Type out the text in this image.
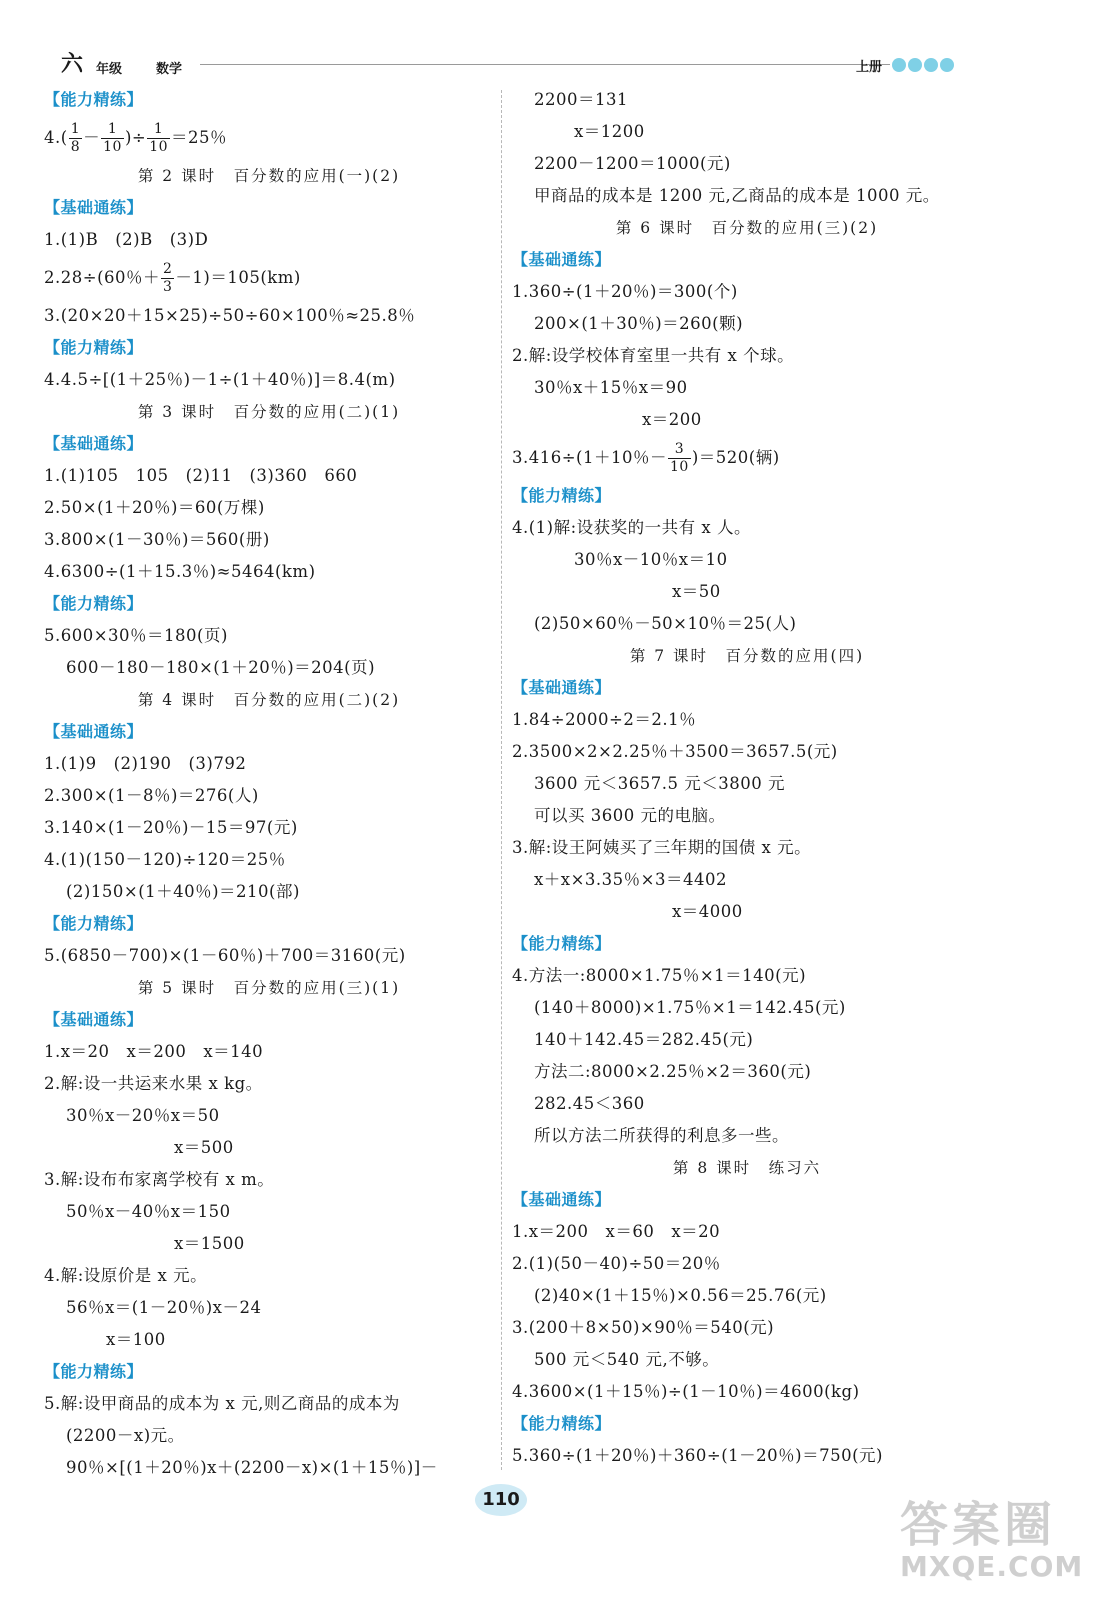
六 年级	数学	上册
【能力精练】
$4.( \frac{1}{8} - \frac{1}{10}$ )÷ $\frac{1}{10} =25$％
第 2 课时　百分数的应用(一)(2)
【基础通练】
1.(1)B　(2)B　(3)D
2.28÷(60％＋ $\frac{2}{3} -1)=105(km)$
3.(20×20＋15×25)÷50÷60×100％≈25.8％
【能力精练】
4.4.5÷[(1＋25％)－1÷(1＋40％)]＝8.4(m)
第 3 课时　百分数的应用(二)(1)
【基础通练】
1.(1)105　105　(2)11　(3)360　660
2.50×(1＋20％)＝60(万棵)
3.800×(1－30％)＝560(册)
4.6300÷(1＋15.3％)≈5464(km)
【能力精练】
5.600×30％＝180(页)
600－180－180×(1＋20％)＝204(页)
第 4 课时　百分数的应用(二)(2)
【基础通练】
1.(1)9　(2)190　(3)792
2.300×(1－8％)＝276(人)
3.140×(1－20％)－15＝97(元)
4.(1)(150－120)÷120＝25％
(2)150×(1＋40％)＝210(部)
【能力精练】
5.(6850－700)×(1－60％)＋700＝3160(元)
第 5 课时　百分数的应用(三)(1)
【基础通练】
1.x＝20　x＝200　x＝140
2.解:设一共运来水果 x kg。
30％x－20％x＝50
x＝500
3.解:设布布家离学校有 x m。
50％x－40％x＝150
x＝1500
4.解:设原价是 x 元。
56％x＝(1－20％)x－24
x＝100
【能力精练】
5.解:设甲商品的成本为 x 元,则乙商品的成本为
(2200－x)元。
90％×[(1＋20％)x＋(2200－x)×(1＋15％)]－
2200＝131
x＝1200
2200－1200＝1000(元)
甲商品的成本是 1200 元,乙商品的成本是 1000 元。
第 6 课时　百分数的应用(三)(2)
【基础通练】
1.360÷(1＋20％)＝300(个)
200×(1＋30％)＝260(颗)
2.解:设学校体育室里一共有 x 个球。
30％x＋15％x＝90
x＝200
3.416÷(1＋10％－ $\frac{3}{10} )=520$(辆)
【能力精练】
4.(1)解:设获奖的一共有 x 人。
30％x－10％x＝10
x＝50
(2)50×60％－50×10％＝25(人)
第 7 课时　百分数的应用(四)
【基础通练】
1.84÷2000÷2＝2.1％
2.3500×2×2.25％＋3500＝3657.5(元)
3600 元＜3657.5 元＜3800 元
可以买 3600 元的电脑。
3.解:设王阿姨买了三年期的国债 x 元。
x＋x×3.35％×3＝4402
x＝4000
【能力精练】
4.方法一:8000×1.75％×1＝140(元)
(140＋8000)×1.75％×1＝142.45(元)
140＋142.45＝282.45(元)
方法二:8000×2.25％×2＝360(元)
282.45＜360
所以方法二所获得的利息多一些。
第 8 课时　练习六
【基础通练】
1.x＝200　x＝60　x＝20
2.(1)(50－40)÷50＝20％
(2)40×(1＋15％)×0.56＝25.76(元)
3.(200＋8×50)×90％＝540(元)
500 元＜540 元,不够。
4.3600×(1＋15％)÷(1－10％)＝4600(kg)
【能力精练】
5.360÷(1＋20％)＋360÷(1－20％)＝750(元)
110	答案圈
MXQE.COM
